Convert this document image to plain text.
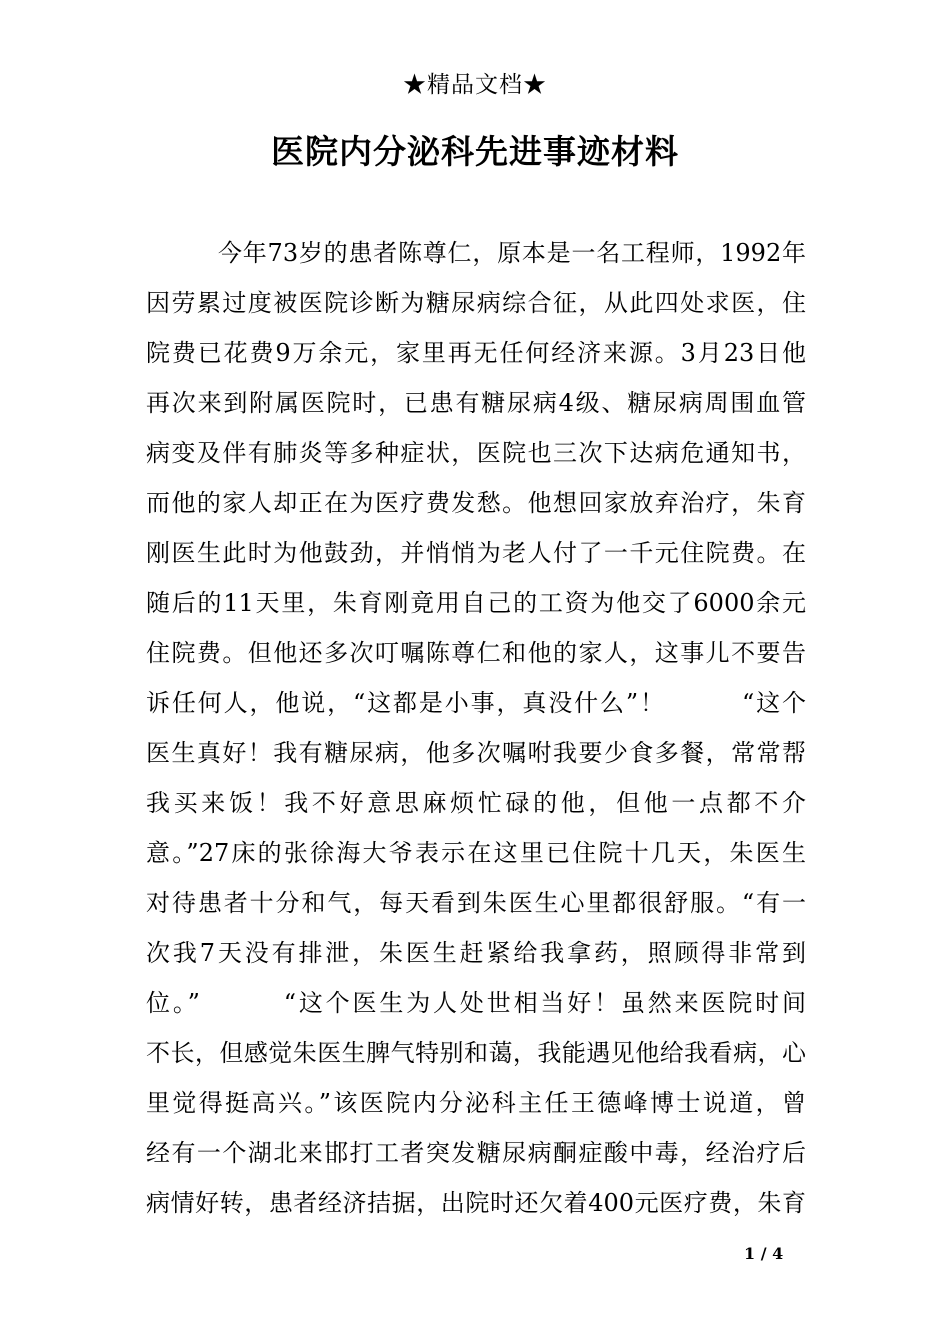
★精品文档★
医院内分泌科先进事迹材料
今年73岁的患者陈尊仁，原本是一名工程师，1992年
因劳累过度被医院诊断为糖尿病综合征，从此四处求医，住
院费已花费9万余元，家里再无任何经济来源。3月23日他
再次来到附属医院时，已患有糖尿病4级、糖尿病周围血管
病变及伴有肺炎等多种症状，医院也三次下达病危通知书，
而他的家人却正在为医疗费发愁。他想回家放弃治疗，朱育
刚医生此时为他鼓劲，并悄悄为老人付了一千元住院费。在
随后的11天里，朱育刚竟用自己的工资为他交了6000余元
住院费。但他还多次叮嘱陈尊仁和他的家人，这事儿不要告
诉任何人，他说，“这都是小事，真没什么”！        “这个
医生真好！我有糖尿病，他多次嘱咐我要少食多餐，常常帮
我买来饭！我不好意思麻烦忙碌的他，但他一点都不介
意。”27床的张徐海大爷表示在这里已住院十几天，朱医生
对待患者十分和气，每天看到朱医生心里都很舒服。“有一
次我7天没有排泄，朱医生赶紧给我拿药，照顾得非常到
位。”        “这个医生为人处世相当好！虽然来医院时间
不长，但感觉朱医生脾气特别和蔼，我能遇见他给我看病，心
里觉得挺高兴。”该医院内分泌科主任王德峰博士说道，曾
经有一个湖北来邯打工者突发糖尿病酮症酸中毒，经治疗后
病情好转，患者经济拮据，出院时还欠着400元医疗费，朱育
1 / 4
